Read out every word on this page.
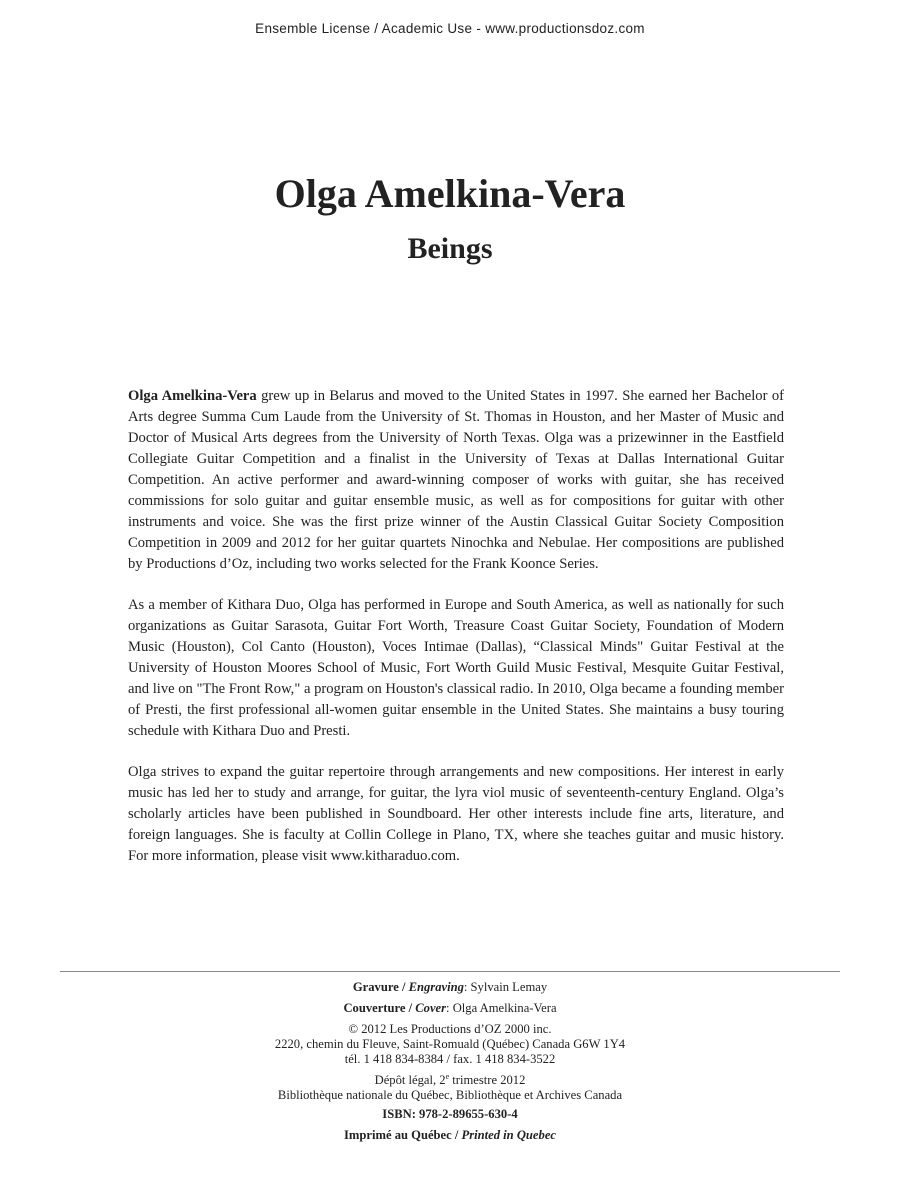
Ensemble License / Academic Use - www.productionsdoz.com
Olga Amelkina-Vera
Beings

Olga Amelkina-Vera grew up in Belarus and moved to the United States in 1997. She earned her Bachelor of Arts degree Summa Cum Laude from the University of St. Thomas in Houston, and her Master of Music and Doctor of Musical Arts degrees from the University of North Texas. Olga was a prizewinner in the Eastfield Collegiate Guitar Competition and a finalist in the University of Texas at Dallas International Guitar Competition. An active performer and award-winning composer of works with guitar, she has received commissions for solo guitar and guitar ensemble music, as well as for compositions for guitar with other instruments and voice. She was the first prize winner of the Austin Classical Guitar Society Composition Competition in 2009 and 2012 for her guitar quartets Ninochka and Nebulae. Her compositions are published by Productions d’Oz, including two works selected for the Frank Koonce Series.

As a member of Kithara Duo, Olga has performed in Europe and South America, as well as nationally for such organizations as Guitar Sarasota, Guitar Fort Worth, Treasure Coast Guitar Society, Foundation of Modern Music (Houston), Col Canto (Houston), Voces Intimae (Dallas), “Classical Minds" Guitar Festival at the University of Houston Moores School of Music, Fort Worth Guild Music Festival, Mesquite Guitar Festival, and live on "The Front Row," a program on Houston's classical radio. In 2010, Olga became a founding member of Presti, the first professional all-women guitar ensemble in the United States. She maintains a busy touring schedule with Kithara Duo and Presti.

Olga strives to expand the guitar repertoire through arrangements and new compositions. Her interest in early music has led her to study and arrange, for guitar, the lyra viol music of seventeenth-century England. Olga’s scholarly articles have been published in Soundboard. Her other interests include fine arts, literature, and foreign languages. She is faculty at Collin College in Plano, TX, where she teaches guitar and music history. For more information, please visit www.kitharaduo.com.

Gravure / Engraving: Sylvain Lemay
Couverture / Cover: Olga Amelkina-Vera
© 2012 Les Productions d’OZ 2000 inc.
2220, chemin du Fleuve, Saint-Romuald (Québec) Canada G6W 1Y4
tél. 1 418 834-8384 / fax. 1 418 834-3522
Dépôt légal, 2e trimestre 2012
Bibliothèque nationale du Québec, Bibliothèque et Archives Canada
ISBN: 978-2-89655-630-4
Imprimé au Québec / Printed in Quebec
